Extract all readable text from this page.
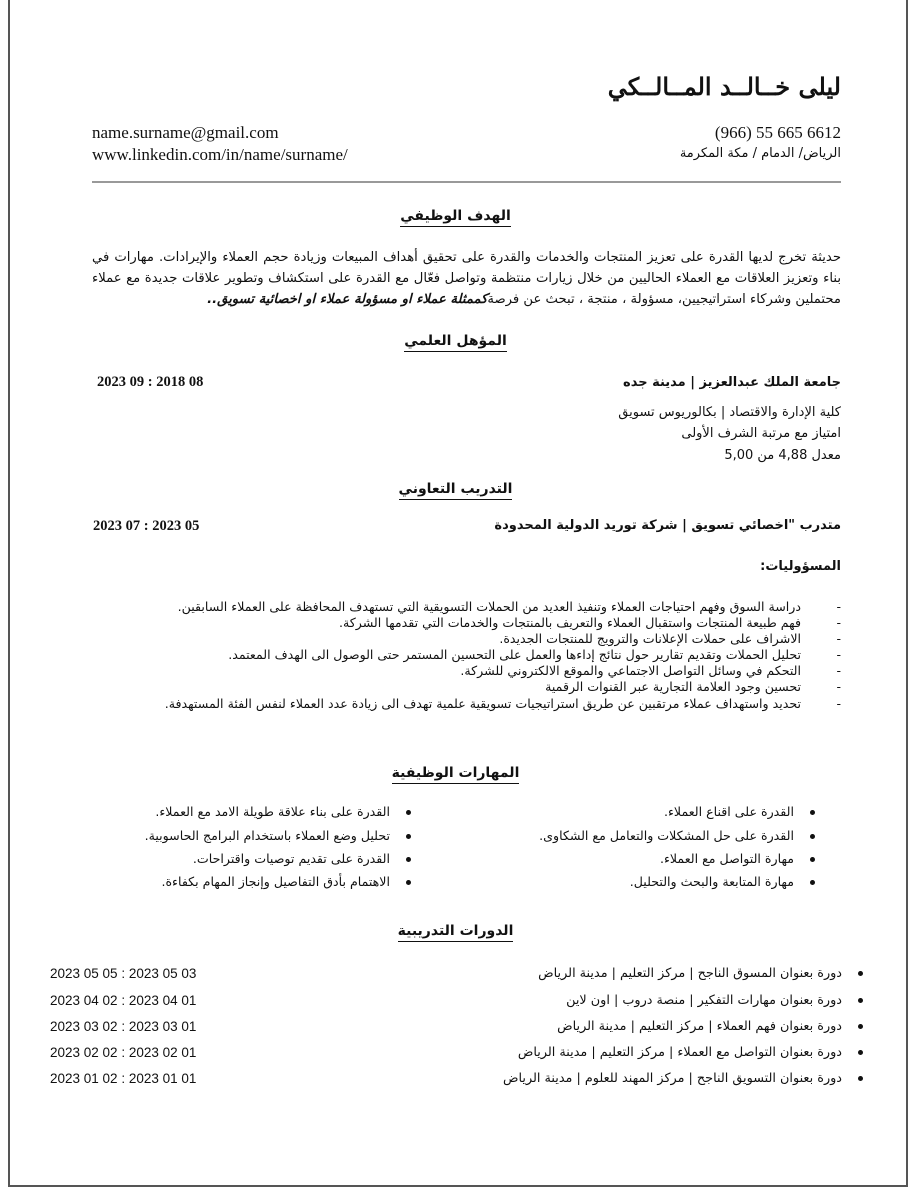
ليلى خــالــد المــالــكي
name.surname@gmail.com
www.linkedin.com/in/name/surname/
(966) 55 665 6612
الرياض/ الدمام / مكة المكرمة
الهدف الوظيفي
حديثة تخرج لديها القدرة على تعزيز المنتجات والخدمات والقدرة على تحقيق أهداف المبيعات وزيادة حجم العملاء والإيرادات. مهارات في بناء وتعزيز العلاقات مع العملاء الحاليين من خلال زيارات منتظمة وتواصل فعّال مع القدرة على استكشاف وتطوير علاقات جديدة مع عملاء محتملين وشركاء استراتيجيين، مسؤولة ، منتجة ، تبحث عن فرصةكممثلة عملاء او مسؤولة عملاء او اخصائية تسويق..
المؤهل العلمي
جامعة الملك عبدالعزيز | مدينة جده
2023 09 : 2018 08
كلية الإدارة والاقتصاد | بكالوريوس تسويق
امتياز مع مرتبة الشرف الأولى
معدل 4,88 من 5,00
التدريب التعاوني
متدرب "اخصائي تسويق | شركة توريد الدولية المحدودة
2023 07 : 2023 05
المسؤوليات:
- دراسة السوق وفهم احتياجات العملاء وتنفيذ العديد من الحملات التسويقية التي تستهدف المحافظة على العملاء السابقين.
- فهم طبيعة المنتجات واستقبال العملاء والتعريف بالمنتجات والخدمات التي تقدمها الشركة.
- الاشراف على حملات الإعلانات والترويج للمنتجات الجديدة.
- تحليل الحملات وتقديم تقارير حول نتائج إداءها والعمل على التحسين المستمر حتى الوصول الى الهدف المعتمد.
- التحكم في وسائل التواصل الاجتماعي والموقع الالكتروني للشركة.
- تحسين وجود العلامة التجارية عبر القنوات الرقمية
- تحديد واستهداف عملاء مرتقبين عن طريق استراتيجيات تسويقية علمية تهدف الى زيادة عدد العملاء لنفس الفئة المستهدفة.
المهارات الوظيفية
القدرة على اقناع العملاء.
القدرة على حل المشكلات والتعامل مع الشكاوى.
مهارة التواصل مع العملاء.
مهارة المتابعة والبحث والتحليل.
القدرة على بناء علاقة طويلة الامد مع العملاء.
تحليل وضع العملاء باستخدام البرامج الحاسوبية.
القدرة على تقديم توصيات واقتراحات.
الاهتمام بأدق التفاصيل وإنجاز المهام بكفاءة.
الدورات التدريبية
دورة بعنوان المسوق الناجح | مركز التعليم | مدينة الرياض
2023 05 05 : 2023 05 03
دورة بعنوان مهارات التفكير | منصة دروب | اون لاين
2023 04 02 : 2023 04 01
دورة بعنوان فهم العملاء | مركز التعليم | مدينة الرياض
2023 03 02 : 2023 03 01
دورة بعنوان التواصل مع العملاء | مركز التعليم | مدينة الرياض
2023 02 02 : 2023 02 01
دورة بعنوان التسويق الناجح | مركز المهند للعلوم | مدينة الرياض
2023 01 02 : 2023 01 01
